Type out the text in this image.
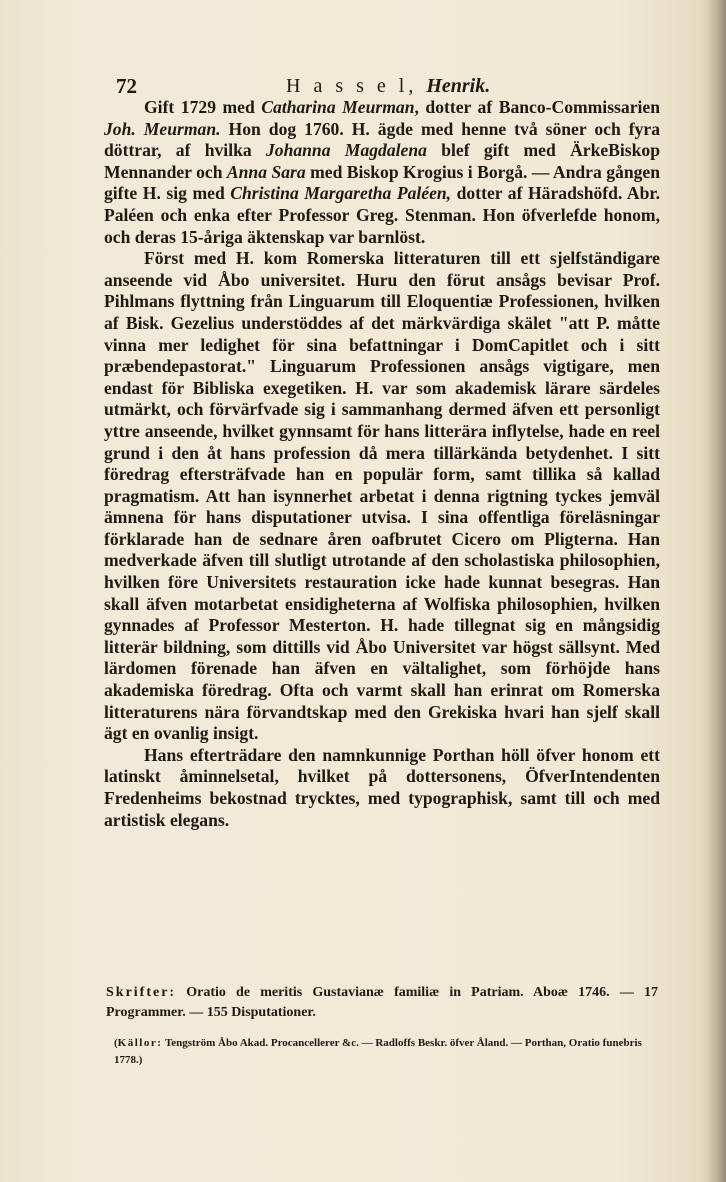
72	H a s s e l, Henrik.

Gift 1729 med Catharina Meurman, dotter af Banco-Commissarien Joh. Meurman. Hon dog 1760. H. ägde med henne två söner och fyra döttrar, af hvilka Johanna Magdalena blef gift med ÄrkeBiskop Mennander och Anna Sara med Biskop Krogius i Borgå. — Andra gången gifte H. sig med Christina Margaretha Paléen, dotter af Häradshöfd. Abr. Paléen och enka efter Professor Greg. Stenman. Hon öfverlefde honom, och deras 15-åriga äktenskap var barnlöst.

Först med H. kom Romerska litteraturen till ett sjelfständigare anseende vid Åbo universitet. Huru den förut ansågs bevisar Prof. Pihlmans flyttning från Linguarum till Eloquentiæ Professionen, hvilken af Bisk. Gezelius understöddes af det märkvärdiga skälet "att P. måtte vinna mer ledighet för sina befattningar i DomCapitlet och i sitt præbendepastorat." Linguarum Professionen ansågs vigtigare, men endast för Bibliska exegetiken. H. var som akademisk lärare särdeles utmärkt, och förvärfvade sig i sammanhang dermed äfven ett personligt yttre anseende, hvilket gynnsamt för hans litterära inflytelse, hade en reel grund i den åt hans profession då mera tillärkända betydenhet. I sitt föredrag eftersträfvade han en populär form, samt tillika så kallad pragmatism. Att han isynnerhet arbetat i denna rigtning tyckes jemväl ämnena för hans disputationer utvisa. I sina offentliga föreläsningar förklarade han de sednare åren oafbrutet Cicero om Pligterna. Han medverkade äfven till slutligt utrotande af den scholastiska philosophien, hvilken före Universitets restauration icke hade kunnat besegras. Han skall äfven motarbetat ensidigheterna af Wolfiska philosophien, hvilken gynnades af Professor Mesterton. H. hade tillegnat sig en mångsidig litterär bildning, som dittills vid Åbo Universitet var högst sällsynt. Med lärdomen förenade han äfven en vältalighet, som förhöjde hans akademiska föredrag. Ofta och varmt skall han erinrat om Romerska litteraturens nära förvandtskap med den Grekiska hvari han sjelf skall ägt en ovanlig insigt.

Hans efterträdare den namnkunnige Porthan höll öfver honom ett latinskt åminnelsetal, hvilket på dottersonens, ÖfverIntendenten Fredenheims bekostnad trycktes, med typographisk, samt till och med artistisk elegans.

Skrifter: Oratio de meritis Gustavianæ familiæ in Patriam. Aboæ 1746. — 17 Programmer. — 155 Disputationer.
(Källor: Tengström Åbo Akad. Procancellerer &c. — Radloffs Beskr. öfver Åland. — Porthan, Oratio funebris 1778.)
